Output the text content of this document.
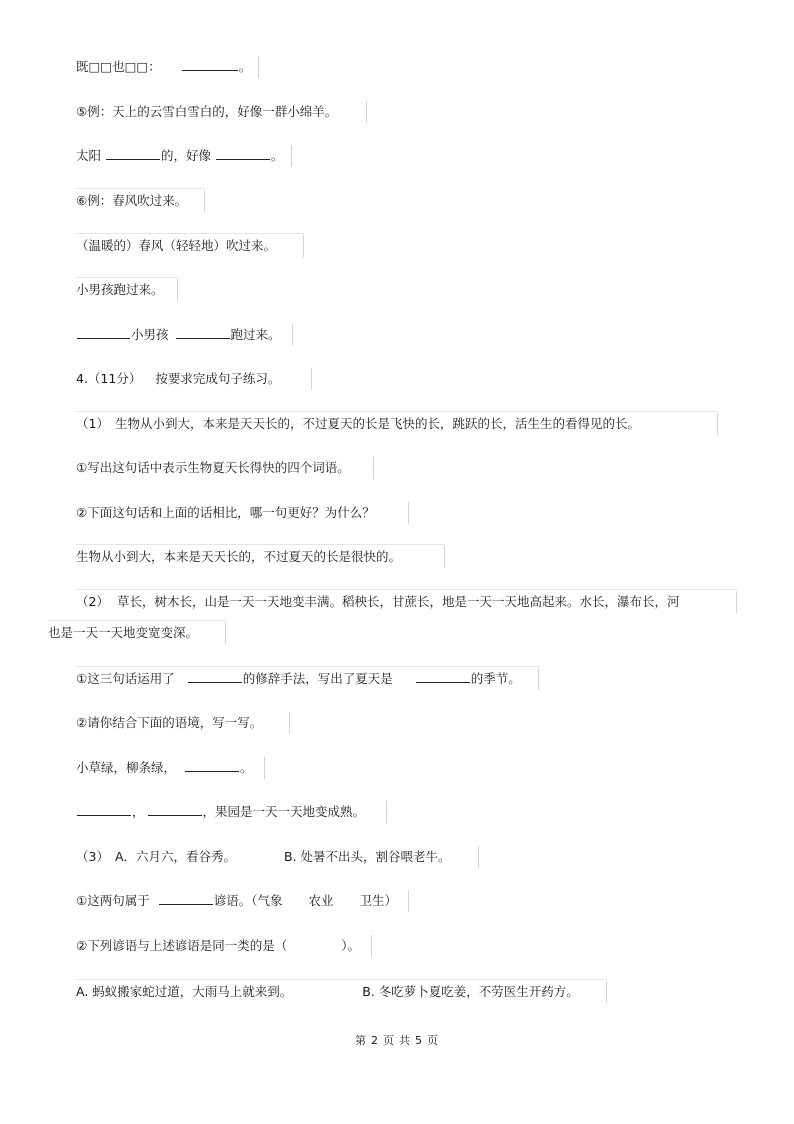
既□□也□□：	。
⑤例：天上的云雪白雪白的，好像一群小绵羊。
太阳	的，好像	。
⑥例：春风吹过来。
（温暖的）春风（轻轻地）吹过来。
小男孩跑过来。
小男孩	跑过来。
4.（11分） 按要求完成句子练习。
（1） 生物从小到大，本来是天天长的，不过夏天的长是飞快的长，跳跃的长，活生生的看得见的长。
①写出这句话中表示生物夏天长得快的四个词语。
②下面这句话和上面的话相比，哪一句更好？为什么？
生物从小到大，本来是天天长的，不过夏天的长是很快的。
（2） 草长，树木长，山是一天一天地变丰满。稻秧长，甘蔗长，地是一天一天地高起来。水长，瀑布长，河
也是一天一天地变宽变深。
①这三句话运用了	的修辞手法，写出了夏天是	的季节。
②请你结合下面的语境，写一写。
小草绿，柳条绿，	。
，	，果园是一天一天地变成熟。
（3） A．六月六，看谷秀。	B. 处暑不出头，割谷喂老牛。
①这两句属于	谚语。（气象 农业 卫生）
②下列谚语与上述谚语是同一类的是（	）。
A. 蚂蚁搬家蛇过道，大雨马上就来到。	B. 冬吃萝卜夏吃姜，不劳医生开药方。
第 2 页 共 5 页
